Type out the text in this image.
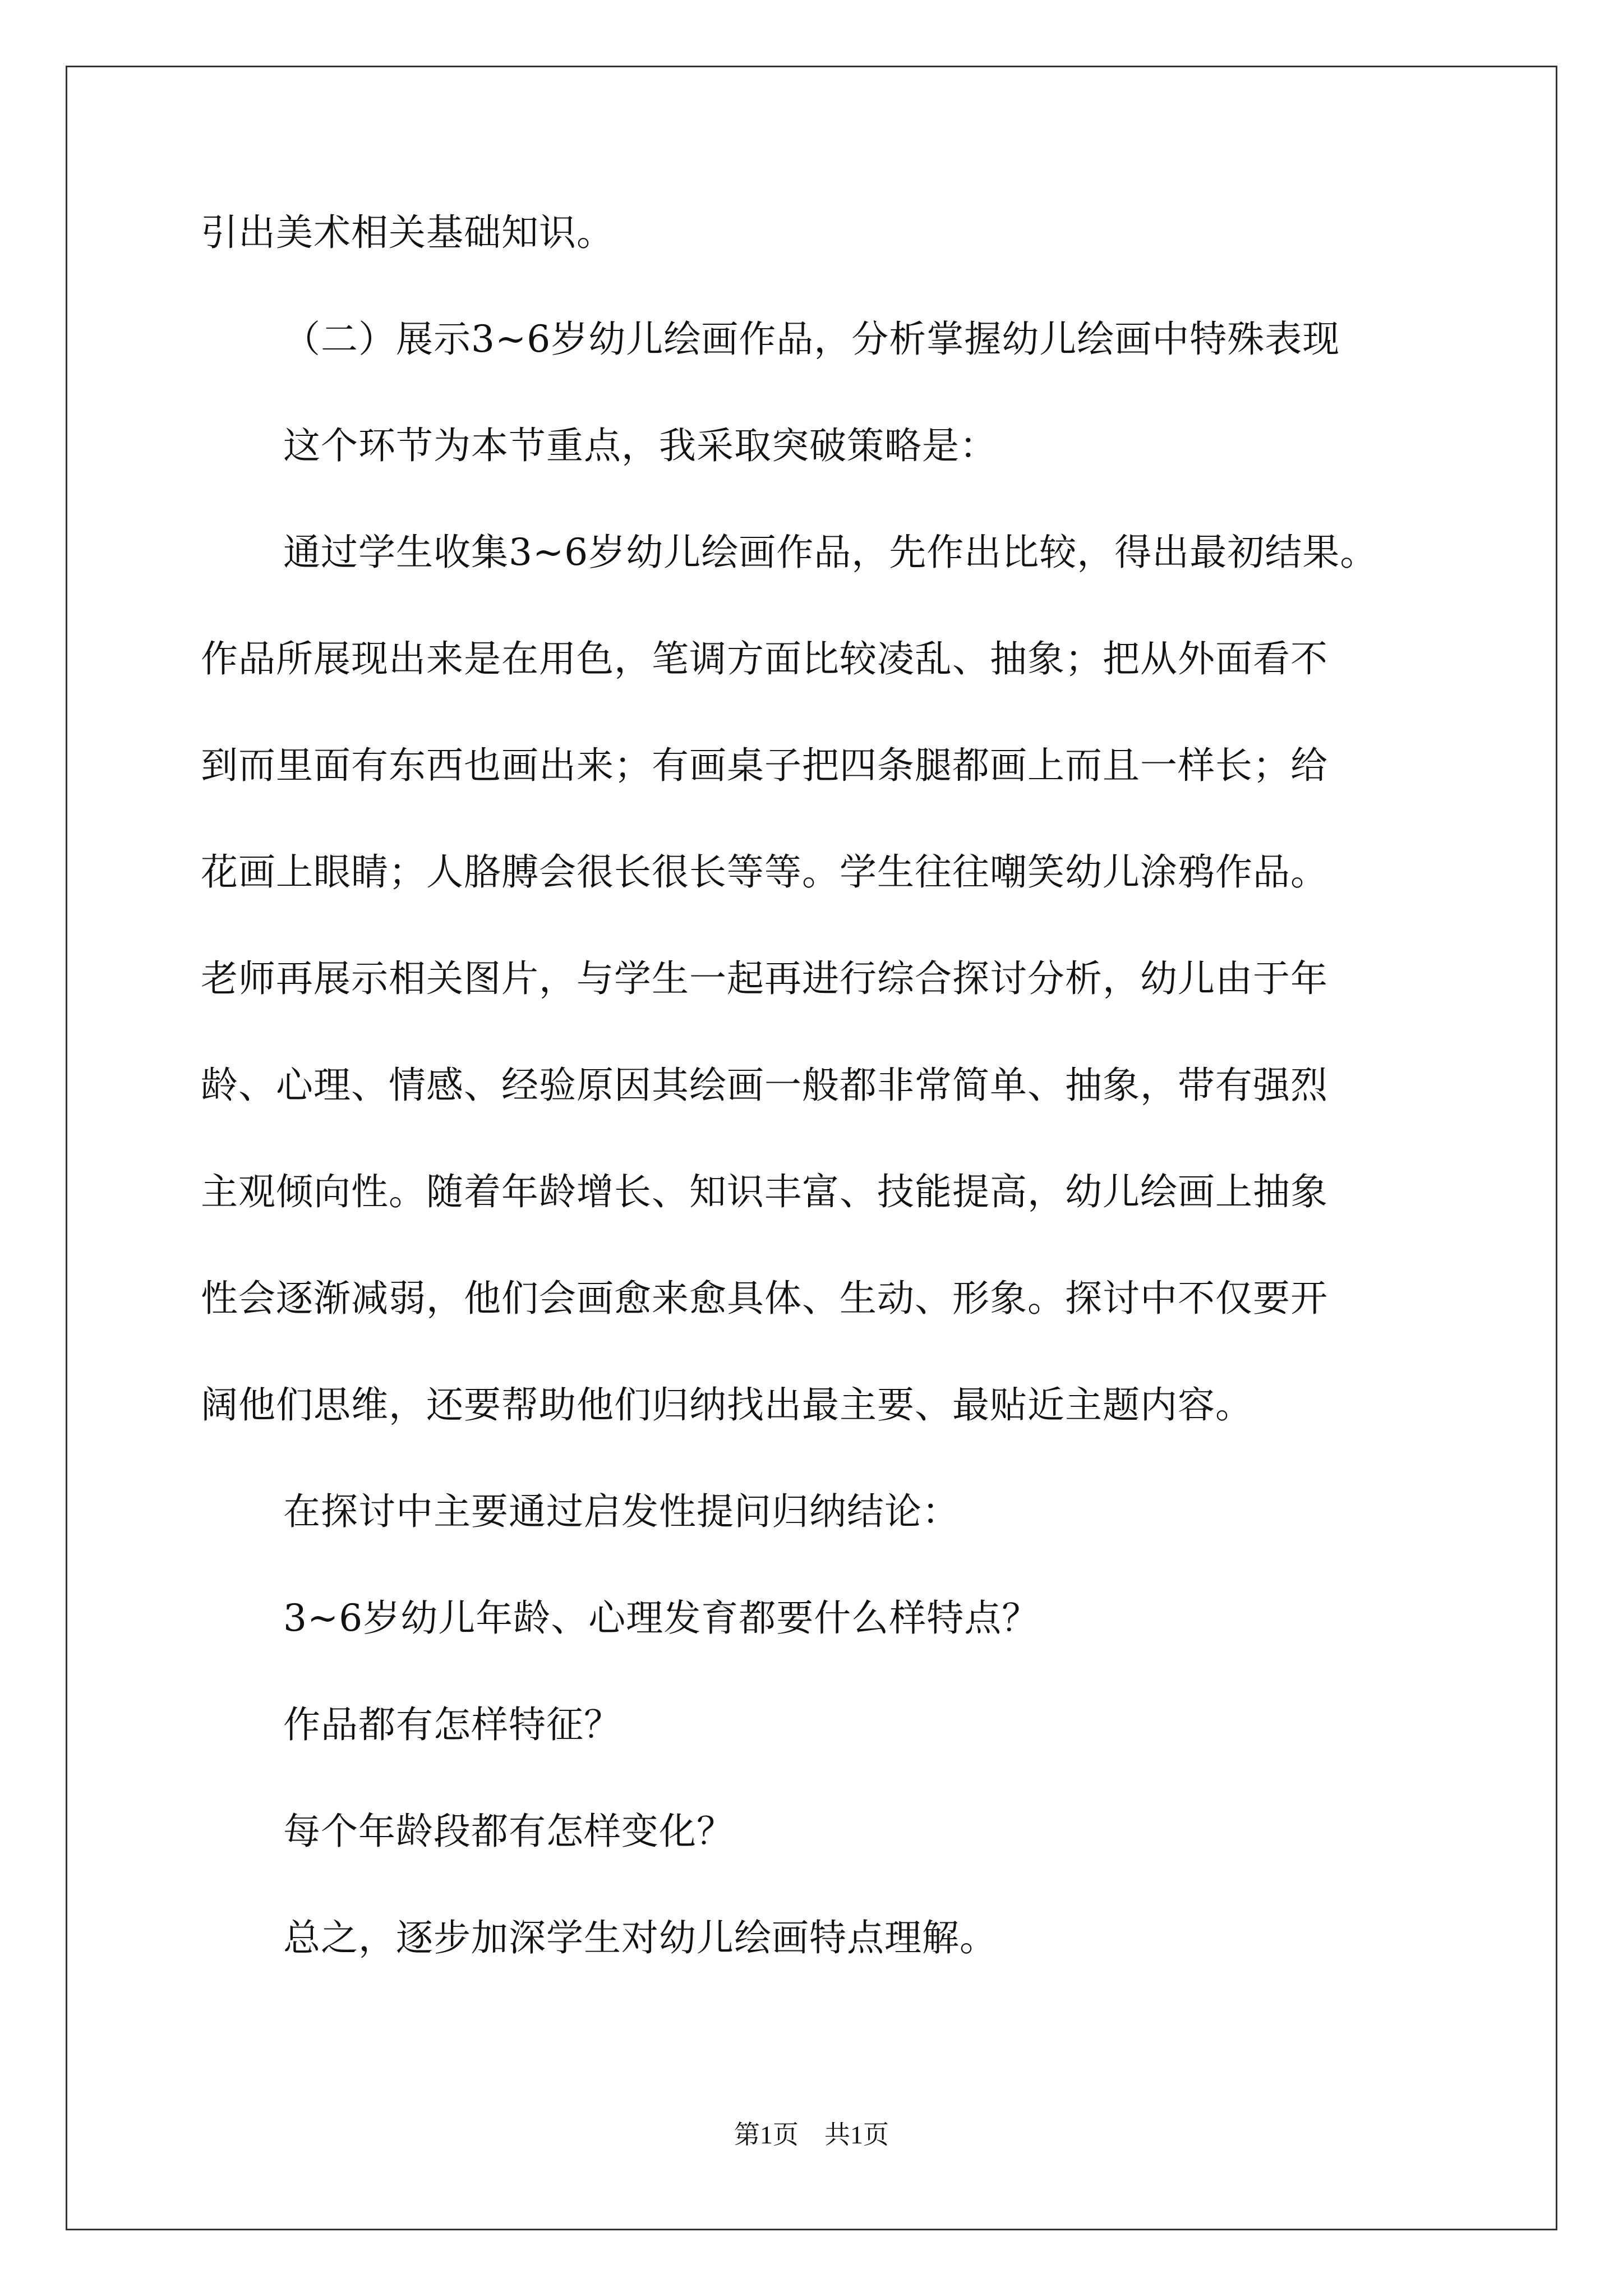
引出美术相关基础知识。
（二）展示3~6岁幼儿绘画作品，分析掌握幼儿绘画中特殊表现
这个环节为本节重点，我采取突破策略是：
通过学生收集3~6岁幼儿绘画作品，先作出比较，得出最初结果。
作品所展现出来是在用色，笔调方面比较凌乱、抽象；把从外面看不
到而里面有东西也画出来；有画桌子把四条腿都画上而且一样长；给
花画上眼睛；人胳膊会很长很长等等。学生往往嘲笑幼儿涂鸦作品。
老师再展示相关图片，与学生一起再进行综合探讨分析，幼儿由于年
龄、心理、情感、经验原因其绘画一般都非常简单、抽象，带有强烈
主观倾向性。随着年龄增长、知识丰富、技能提高，幼儿绘画上抽象
性会逐渐减弱，他们会画愈来愈具体、生动、形象。探讨中不仅要开
阔他们思维，还要帮助他们归纳找出最主要、最贴近主题内容。
在探讨中主要通过启发性提问归纳结论：
3~6岁幼儿年龄、心理发育都要什么样特点？
作品都有怎样特征？
每个年龄段都有怎样变化？
总之，逐步加深学生对幼儿绘画特点理解。
第1页　共1页
